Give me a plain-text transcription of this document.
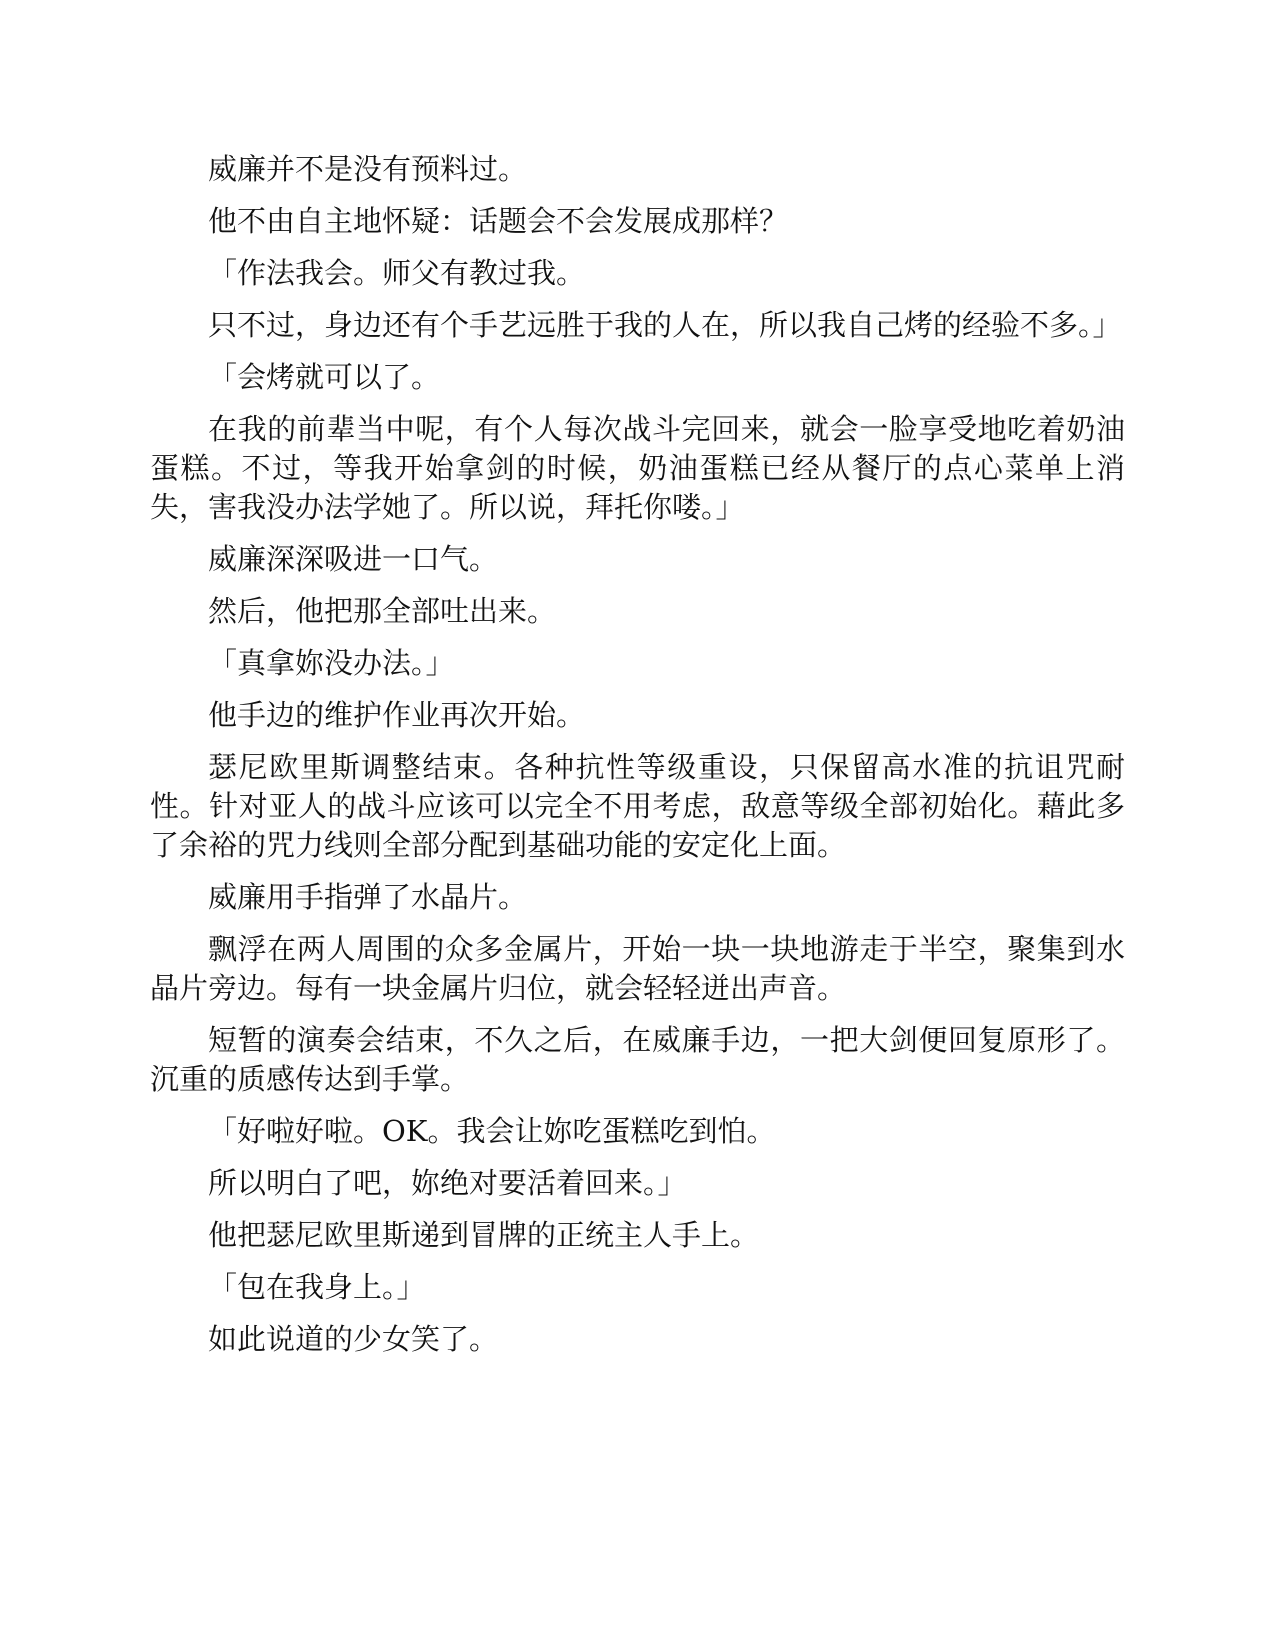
威廉并不是没有预料过。

他不由自主地怀疑：话题会不会发展成那样？

「作法我会。师父有教过我。

只不过，身边还有个手艺远胜于我的人在，所以我自己烤的经验不多。」

「会烤就可以了。

在我的前辈当中呢，有个人每次战斗完回来，就会一脸享受地吃着奶油蛋糕。不过，等我开始拿剑的时候，奶油蛋糕已经从餐厅的点心菜单上消失，害我没办法学她了。所以说，拜托你喽。」

威廉深深吸进一口气。

然后，他把那全部吐出来。

「真拿妳没办法。」

他手边的维护作业再次开始。

瑟尼欧里斯调整结束。各种抗性等级重设，只保留高水准的抗诅咒耐性。针对亚人的战斗应该可以完全不用考虑，敌意等级全部初始化。藉此多了余裕的咒力线则全部分配到基础功能的安定化上面。

威廉用手指弹了水晶片。

飘浮在两人周围的众多金属片，开始一块一块地游走于半空，聚集到水晶片旁边。每有一块金属片归位，就会轻轻迸出声音。

短暂的演奏会结束，不久之后，在威廉手边，一把大剑便回复原形了。沉重的质感传达到手掌。

「好啦好啦。OK。我会让妳吃蛋糕吃到怕。

所以明白了吧，妳绝对要活着回来。」

他把瑟尼欧里斯递到冒牌的正统主人手上。

「包在我身上。」

如此说道的少女笑了。
